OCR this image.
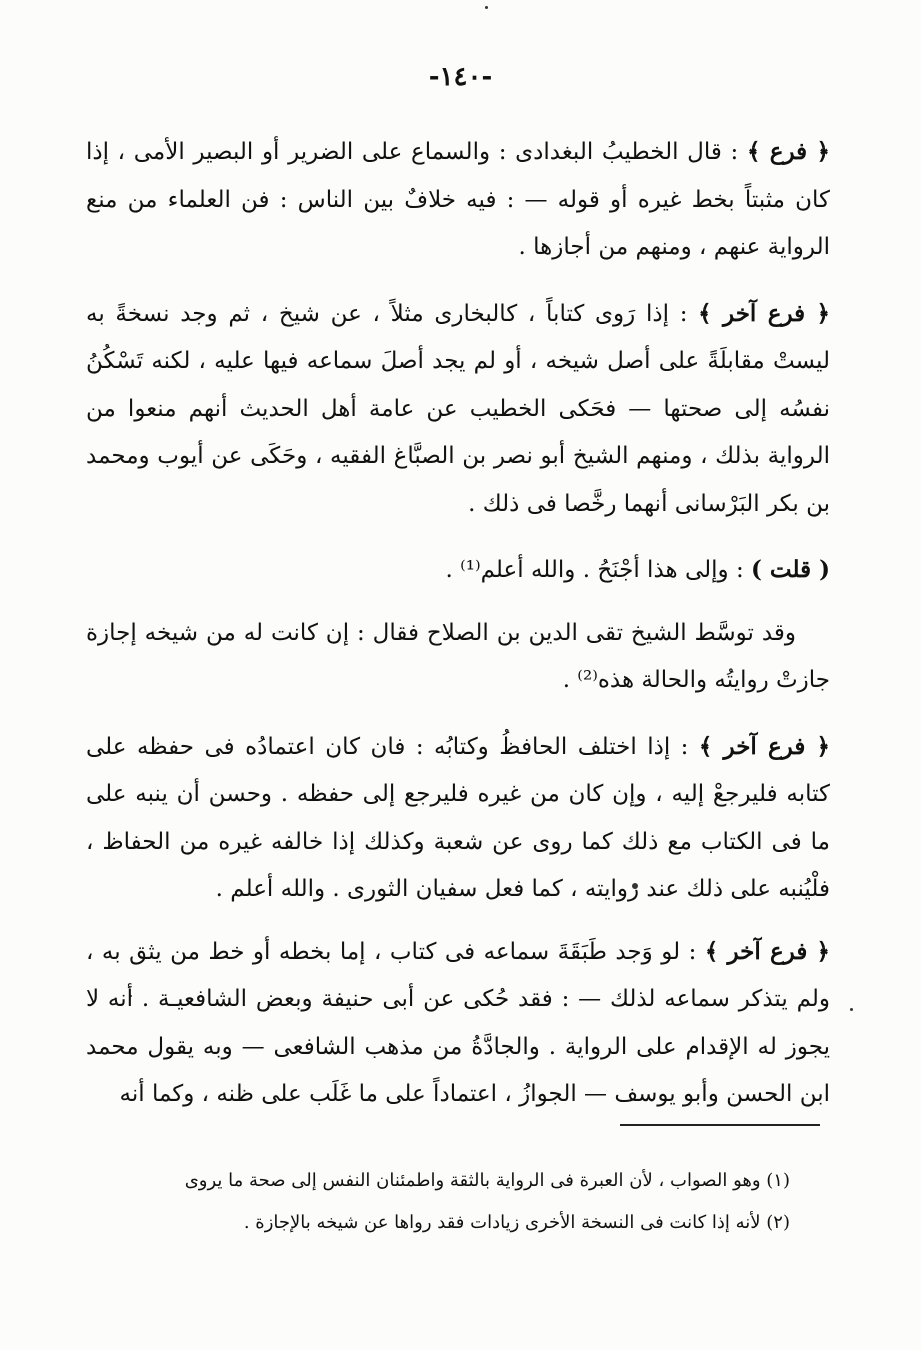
-١٤٠-

﴿ فرع ﴾ : قال الخطيبُ البغدادى : والسماع على الضرير أو البصير الأمى ، إذا كان مثبتاً بخط غيره أو قوله — : فيه خلافٌ بين الناس : فن العلماء من منع الرواية عنهم ، ومنهم من أجازها .

﴿ فرع آخر ﴾ : إذا رَوى كتاباً ، كالبخارى مثلاً ، عن شيخ ، ثم وجد نسخةً به ليستْ مقابلَةً على أصل شيخه ، أو لم يجد أصلَ سماعه فيها عليه ، لكنه تَسْكُنُ نفسُه إلى صحتها — فحَكى الخطيب عن عامة أهل الحديث أنهم منعوا من الرواية بذلك ، ومنهم الشيخ أبو نصر بن الصبَّاغ الفقيه ، وحَكَى عن أيوب ومحمد بن بكر البَرْسانى أنهما رخَّصا فى ذلك .

( قلت ) : وإلى هذا أجْنَحُ . والله أعلم⁽¹⁾ .

وقد توسَّط الشيخ تقى الدين بن الصلاح فقال : إن كانت له من شيخه إجازة جازتْ روايتُه والحالة هذه⁽²⁾ .

﴿ فرع آخر ﴾ : إذا اختلف الحافظُ وكتابُه : فان كان اعتمادُه فى حفظه على كتابه فليرجعْ إليه ، وإن كان من غيره فليرجع إلى حفظه . وحسن أن ينبه على ما فى الكتاب مع ذلك كما روى عن شعبة وكذلك إذا خالفه غيره من الحفاظ ، فلْيُنبه على ذلك عند روايته ، كما فعل سفيان الثورى . والله أعلم .

﴿ فرع آخر ﴾ : لو وَجد طَبَقَةَ سماعه فى كتاب ، إما بخطه أو خط من يثق به ، ولم يتذكر سماعه لذلك — : فقد حُكى عن أبى حنيفة وبعض الشافعيـة . أنه لا يجوز له الإقدام على الرواية . والجادَّةُ من مذهب الشافعى — وبه يقول محمد ابن الحسن وأبو يوسف — الجوازُ ، اعتماداً على ما غَلَب على ظنه ، وكما أنه

(١) وهو الصواب ، لأن العبرة فى الرواية بالثقة واطمئنان النفس إلى صحة ما يروى

(٢) لأنه إذا كانت فى النسخة الأخرى زيادات فقد رواها عن شيخه بالإجازة .
